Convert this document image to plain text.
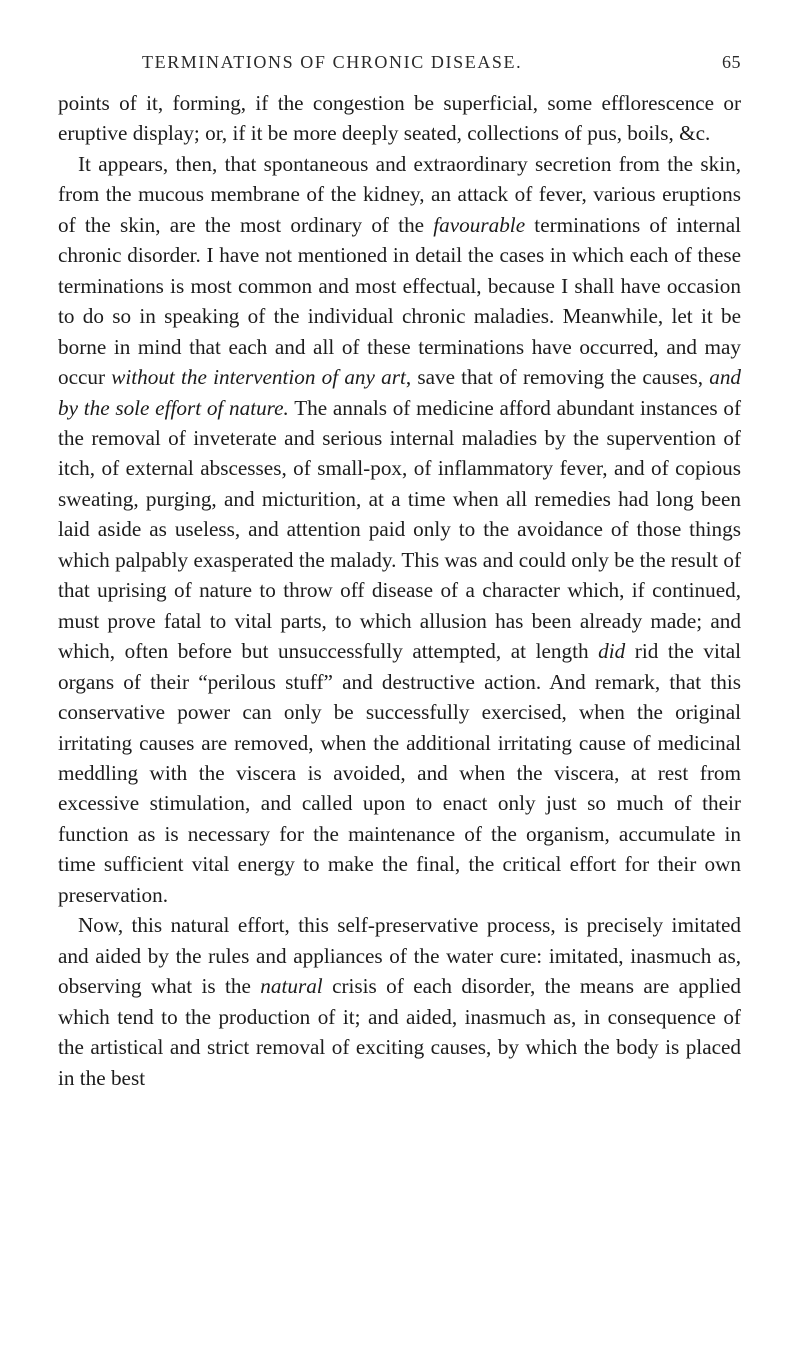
TERMINATIONS OF CHRONIC DISEASE.	65

points of it, forming, if the congestion be superficial, some efflorescence or eruptive display; or, if it be more deeply seated, collections of pus, boils, &c.

It appears, then, that spontaneous and extraordinary secretion from the skin, from the mucous membrane of the kidney, an attack of fever, various eruptions of the skin, are the most ordinary of the favourable terminations of internal chronic disorder. I have not mentioned in detail the cases in which each of these terminations is most common and most effectual, because I shall have occasion to do so in speaking of the individual chronic maladies. Meanwhile, let it be borne in mind that each and all of these terminations have occurred, and may occur without the intervention of any art, save that of removing the causes, and by the sole effort of nature. The annals of medicine afford abundant instances of the removal of inveterate and serious internal maladies by the supervention of itch, of external abscesses, of small-pox, of inflammatory fever, and of copious sweating, purging, and micturition, at a time when all remedies had long been laid aside as useless, and attention paid only to the avoidance of those things which palpably exasperated the malady. This was and could only be the result of that uprising of nature to throw off disease of a character which, if continued, must prove fatal to vital parts, to which allusion has been already made; and which, often before but unsuccessfully attempted, at length did rid the vital organs of their “perilous stuff” and destructive action. And remark, that this conservative power can only be successfully exercised, when the original irritating causes are removed, when the additional irritating cause of medicinal meddling with the viscera is avoided, and when the viscera, at rest from excessive stimulation, and called upon to enact only just so much of their function as is necessary for the maintenance of the organism, accumulate in time sufficient vital energy to make the final, the critical effort for their own preservation.

Now, this natural effort, this self-preservative process, is precisely imitated and aided by the rules and appliances of the water cure: imitated, inasmuch as, observing what is the natural crisis of each disorder, the means are applied which tend to the production of it; and aided, inasmuch as, in consequence of the artistical and strict removal of exciting causes, by which the body is placed in the best
